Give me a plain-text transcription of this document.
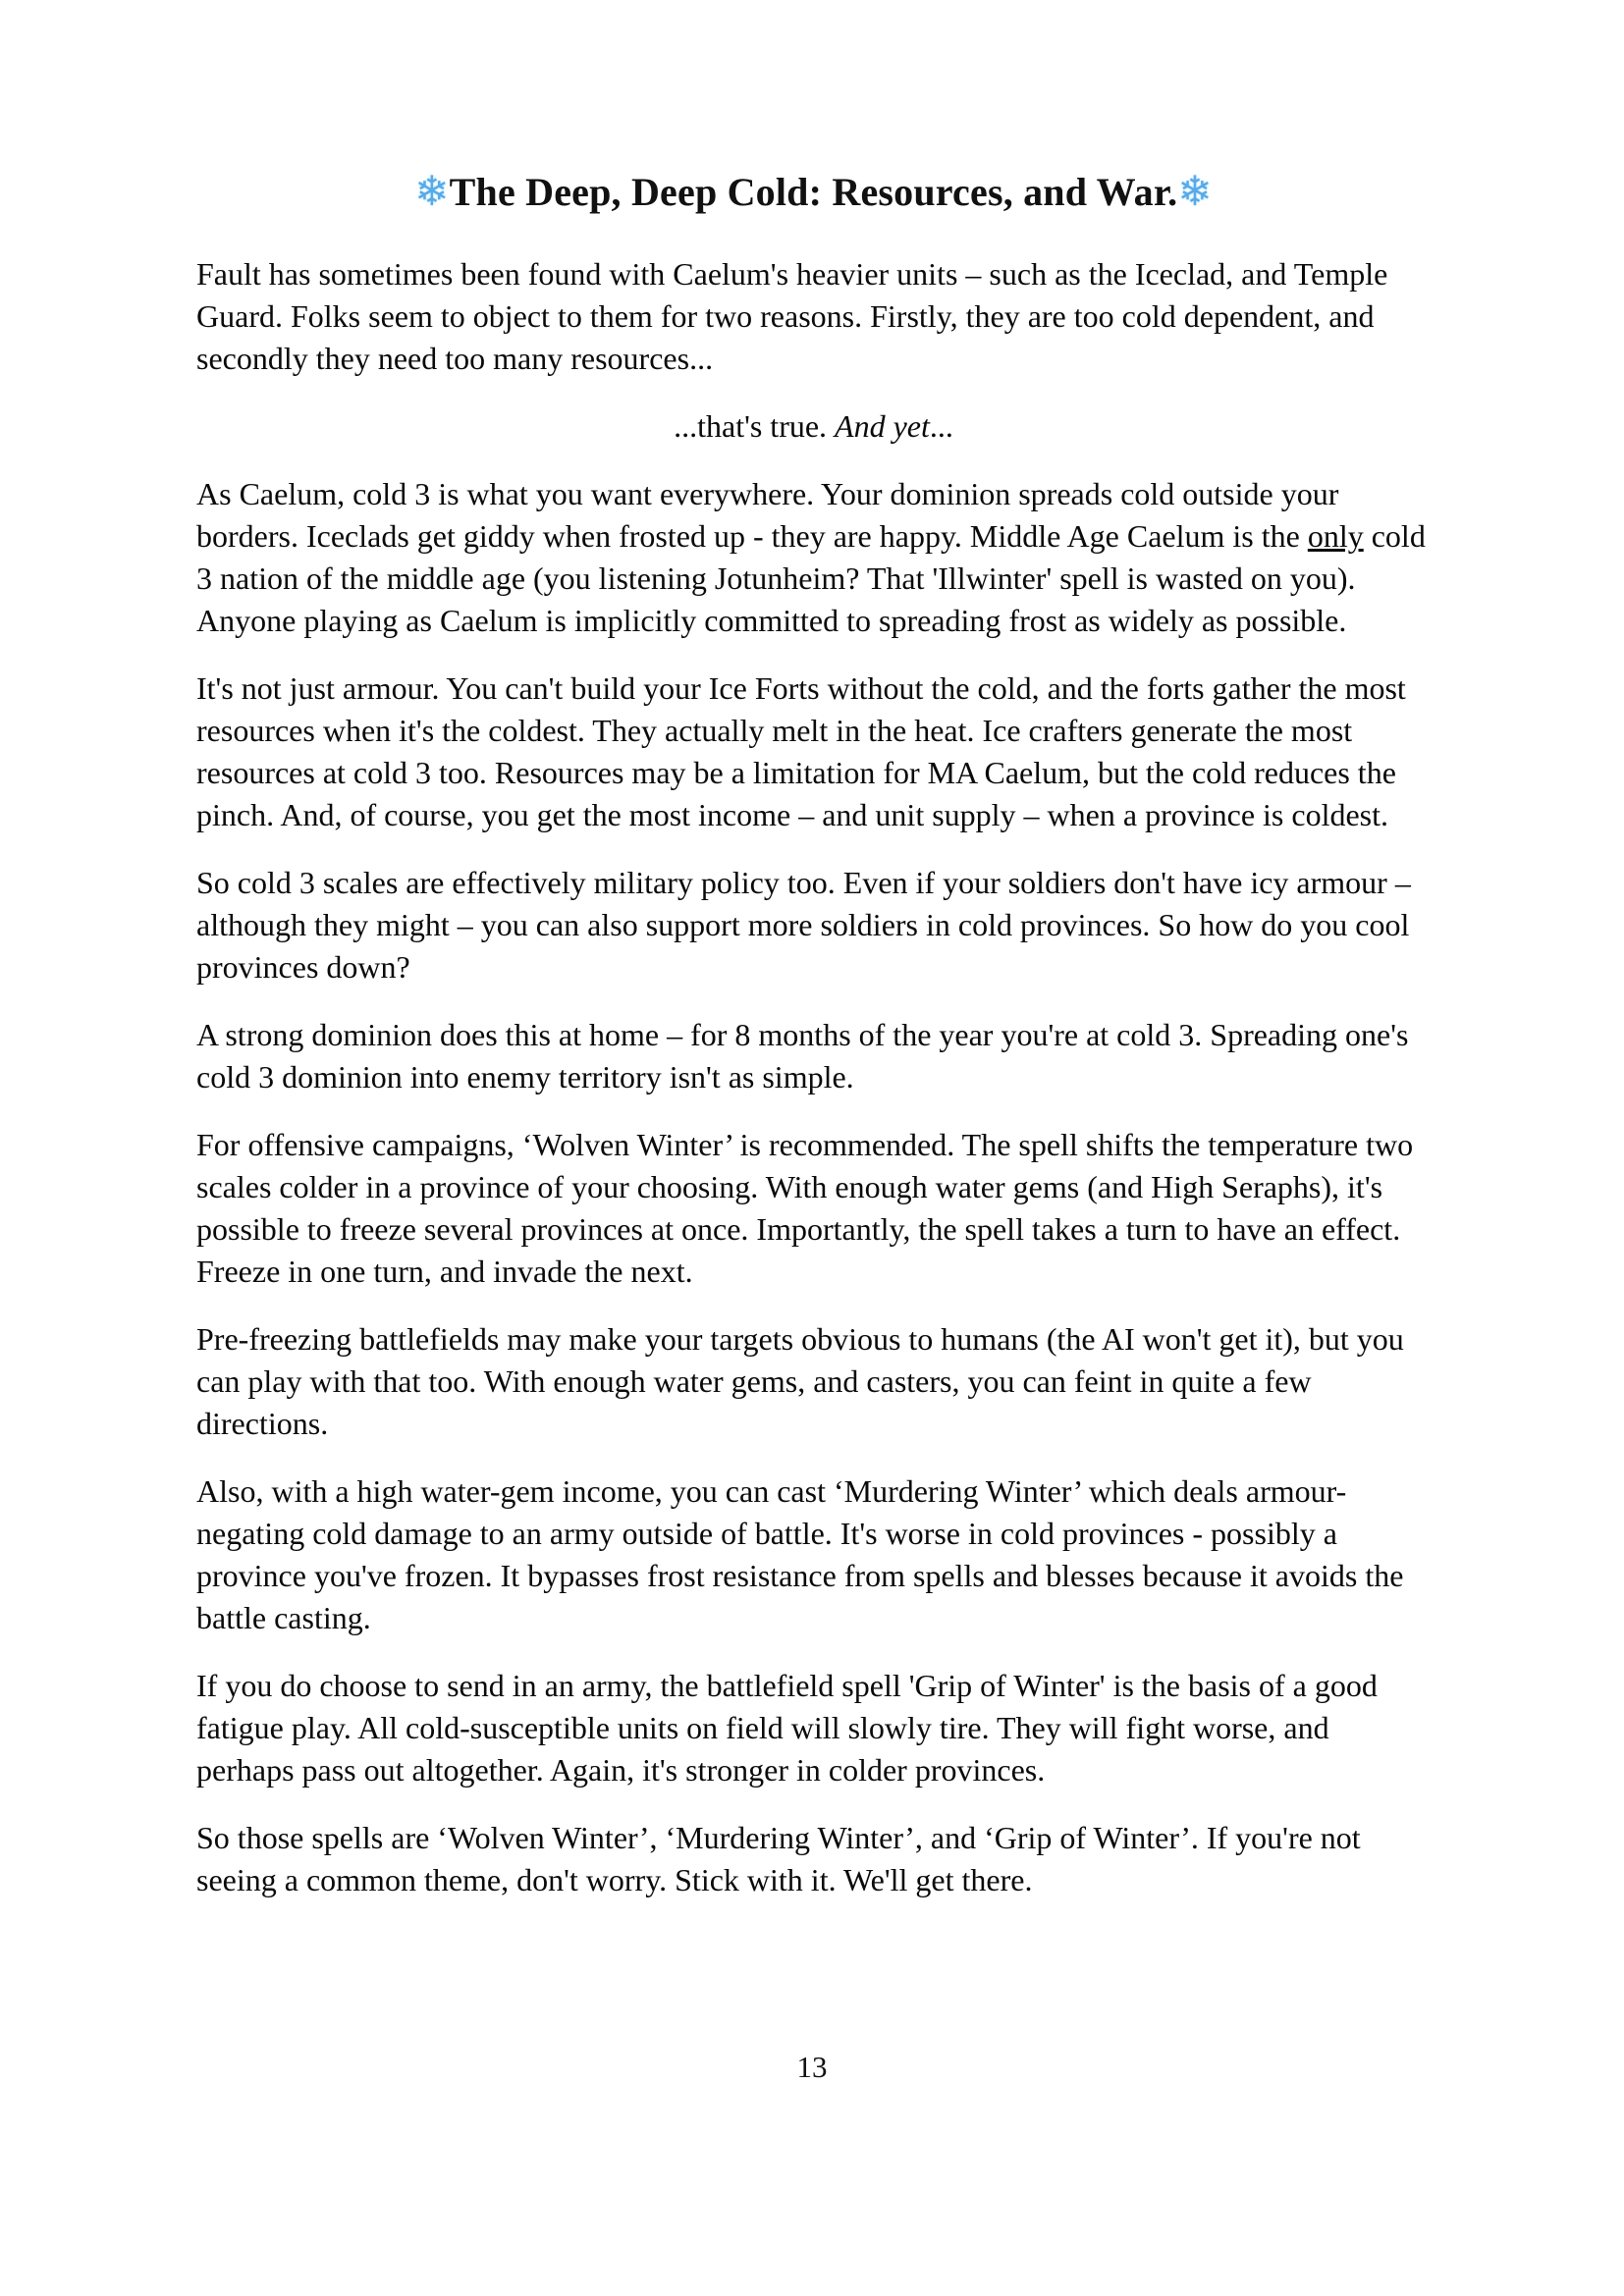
❄The Deep, Deep Cold: Resources, and War.❄

Fault has sometimes been found with Caelum's heavier units – such as the Iceclad, and Temple Guard. Folks seem to object to them for two reasons. Firstly, they are too cold dependent, and secondly they need too many resources...

...that's true. And yet...

As Caelum, cold 3 is what you want everywhere. Your dominion spreads cold outside your borders. Iceclads get giddy when frosted up - they are happy. Middle Age Caelum is the only cold 3 nation of the middle age (you listening Jotunheim? That 'Illwinter' spell is wasted on you). Anyone playing as Caelum is implicitly committed to spreading frost as widely as possible.

It's not just armour. You can't build your Ice Forts without the cold, and the forts gather the most resources when it's the coldest. They actually melt in the heat. Ice crafters generate the most resources at cold 3 too. Resources may be a limitation for MA Caelum, but the cold reduces the pinch. And, of course, you get the most income – and unit supply – when a province is coldest.

So cold 3 scales are effectively military policy too. Even if your soldiers don't have icy armour – although they might – you can also support more soldiers in cold provinces. So how do you cool provinces down?

A strong dominion does this at home – for 8 months of the year you're at cold 3. Spreading one's cold 3 dominion into enemy territory isn't as simple.

For offensive campaigns, ‘Wolven Winter’ is recommended. The spell shifts the temperature two scales colder in a province of your choosing. With enough water gems (and High Seraphs), it's possible to freeze several provinces at once. Importantly, the spell takes a turn to have an effect. Freeze in one turn, and invade the next.

Pre-freezing battlefields may make your targets obvious to humans (the AI won't get it), but you can play with that too. With enough water gems, and casters, you can feint in quite a few directions.

Also, with a high water-gem income, you can cast ‘Murdering Winter’ which deals armour-negating cold damage to an army outside of battle. It's worse in cold provinces - possibly a province you've frozen. It bypasses frost resistance from spells and blesses because it avoids the battle casting.

If you do choose to send in an army, the battlefield spell 'Grip of Winter' is the basis of a good fatigue play. All cold-susceptible units on field will slowly tire. They will fight worse, and perhaps pass out altogether. Again, it's stronger in colder provinces.

So those spells are ‘Wolven Winter’, ‘Murdering Winter’, and ‘Grip of Winter’. If you're not seeing a common theme, don't worry. Stick with it. We'll get there.

13
